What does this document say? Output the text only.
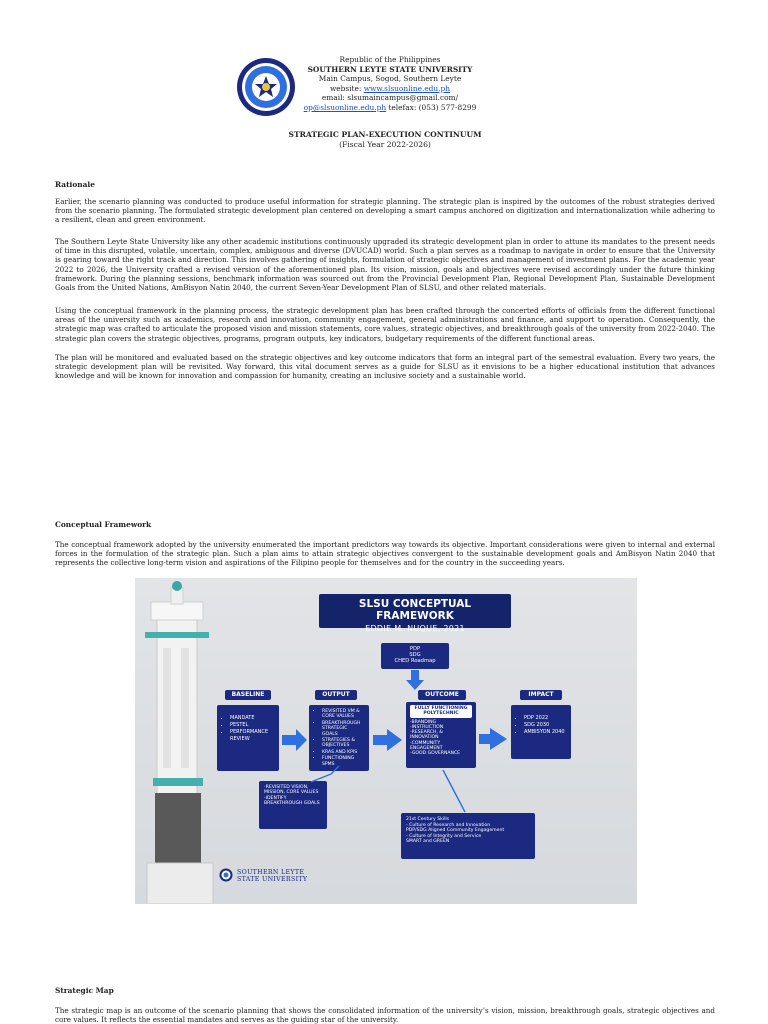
Republic of the Philippines
SOUTHERN LEYTE STATE UNIVERSITY
Main Campus, Sogod, Southern Leyte
website: www.slsuonline.edu.ph
email: slsumaincampus@gmail.com/
op@slsuonline.edu.ph telefax: (053) 577-8299
STRATEGIC PLAN-EXECUTION CONTINUUM
(Fiscal Year 2022-2026)
Rationale
Earlier, the scenario planning was conducted to produce useful information for strategic planning. The strategic plan is inspired by the outcomes of the robust strategies derived from the scenario planning. The formulated strategic development plan centered on developing a smart campus anchored on digitization and internationalization while adhering to a resilient, clean and green environment.
The Southern Leyte State University like any other academic institutions continuously upgraded its strategic development plan in order to attune its mandates to the present needs of time in this disrupted, volatile, uncertain, complex, ambiguous and diverse (DVUCAD) world. Such a plan serves as a roadmap to navigate in order to ensure that the University is gearing toward the right track and direction. This involves gathering of insights, formulation of strategic objectives and management of investment plans. For the academic year 2022 to 2026, the University crafted a revised version of the aforementioned plan. Its vision, mission, goals and objectives were revised accordingly under the future thinking framework. During the planning sessions, benchmark information was sourced out from the Provincial Development Plan, Regional Development Plan, Sustainable Development Goals from the United Nations, AmBisyon Natin 2040, the current Seven-Year Development Plan of SLSU, and other related materials.
Using the conceptual framework in the planning process, the strategic development plan has been crafted through the concerted efforts of officials from the different functional areas of the university such as academics, research and innovation, community engagement, general administrations and finance, and support to operation. Consequently, the strategic map was crafted to articulate the proposed vision and mission statements, core values, strategic objectives, and breakthrough goals of the university from 2022-2040. The strategic plan covers the strategic objectives, programs, program outputs, key indicators, budgetary requirements of the different functional areas.
The plan will be monitored and evaluated based on the strategic objectives and key outcome indicators that form an integral part of the semestral evaluation. Every two years, the strategic development plan will be revisited. Way forward, this vital document serves as a guide for SLSU as it envisions to be a higher educational institution that advances knowledge and will be known for innovation and compassion for humanity, creating an inclusive society and a sustainable world.
Conceptual Framework
The conceptual framework adopted by the university enumerated the important predictors way towards its objective. Important considerations were given to internal and external forces in the formulation of the strategic plan. Such a plan aims to attain strategic objectives convergent to the sustainable development goals and AmBisyon Natin 2040 that represents the collective long-term vision and aspirations of the Filipino people for themselves and for the country in the succeeding years.
SLSU CONCEPTUAL FRAMEWORK
EDDIE M. NUQUE, 2021
PDP
SDG
CHED Roadmap
BASELINE	OUTPUT	OUTCOME	IMPACT
• MANDATE
• PESTEL
• PERFORMANCE REVIEW
• REVISITED VM & CORE VALUES
• BREAKTHROUGH STRATEGIC GOALS
• STRATEGIES & OBJECTIVES
• KRAS AND KPIS
• FUNCTIONING SPMS
FULLY FUNCTIONING POLYTECHNIC
-BRANDING
-INSTRUCTION
-RESEARCH, & INNOVATION
-COMMUNITY ENGAGEMENT
-GOOD GOVERNANCE
• PDP 2022
• SDG 2030
• AMBISYON 2040
-REVISITED VISION, MISSION, CORE VALUES
-IDENTIFY BREAKTHROUGH GOALS
21st Century Skills
- Culture of Research and Innovation
PDP/SDG Aligned Community Engagement
- Culture of Integrity and Service
SMART and GREEN
SOUTHERN LEYTE
STATE UNIVERSITY
Strategic Map
The strategic map is an outcome of the scenario planning that shows the consolidated information of the university’s vision, mission, breakthrough goals, strategic objectives and core values. It reflects the essential mandates and serves as the guiding star of the university.
